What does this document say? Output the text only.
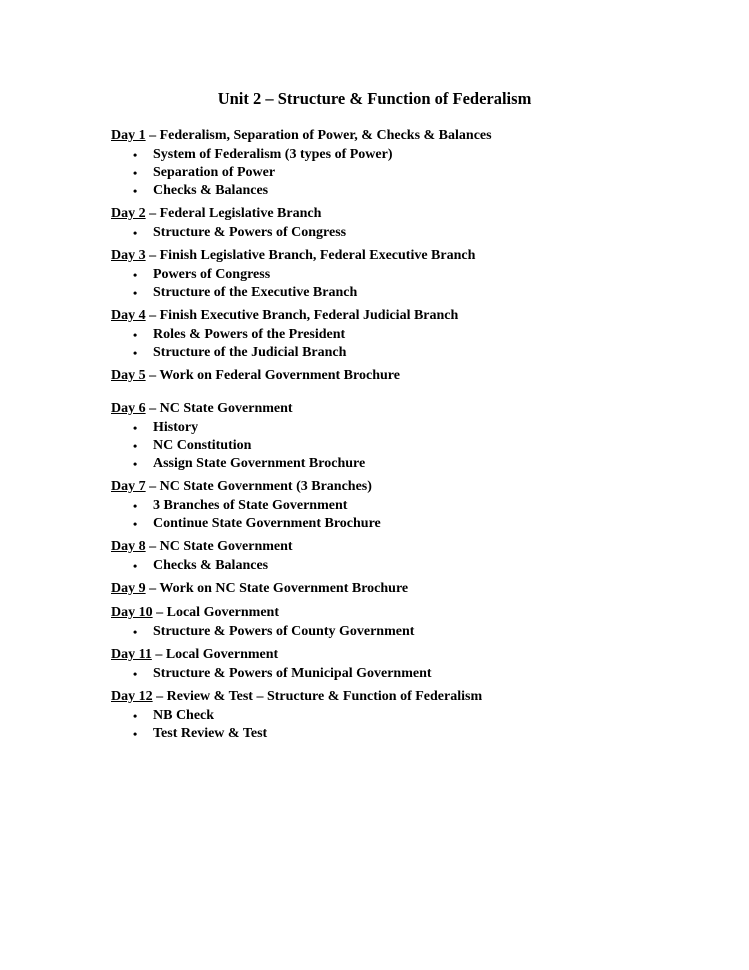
Unit 2 – Structure & Function of Federalism
Day 1 – Federalism, Separation of Power, & Checks & Balances
• System of Federalism (3 types of Power)
• Separation of Power
• Checks & Balances
Day 2 – Federal Legislative Branch
• Structure & Powers of Congress
Day 3 – Finish Legislative Branch, Federal Executive Branch
• Powers of Congress
• Structure of the Executive Branch
Day 4 – Finish Executive Branch, Federal Judicial Branch
• Roles & Powers of the President
• Structure of the Judicial Branch
Day 5 – Work on Federal Government Brochure
Day 6 – NC State Government
• History
• NC Constitution
• Assign State Government Brochure
Day 7 – NC State Government (3 Branches)
• 3 Branches of State Government
• Continue State Government Brochure
Day 8 – NC State Government
• Checks & Balances
Day 9 – Work on NC State Government Brochure
Day 10 – Local Government
• Structure & Powers of County Government
Day 11 – Local Government
• Structure & Powers of Municipal Government
Day 12 – Review & Test – Structure & Function of Federalism
• NB Check
• Test Review & Test
